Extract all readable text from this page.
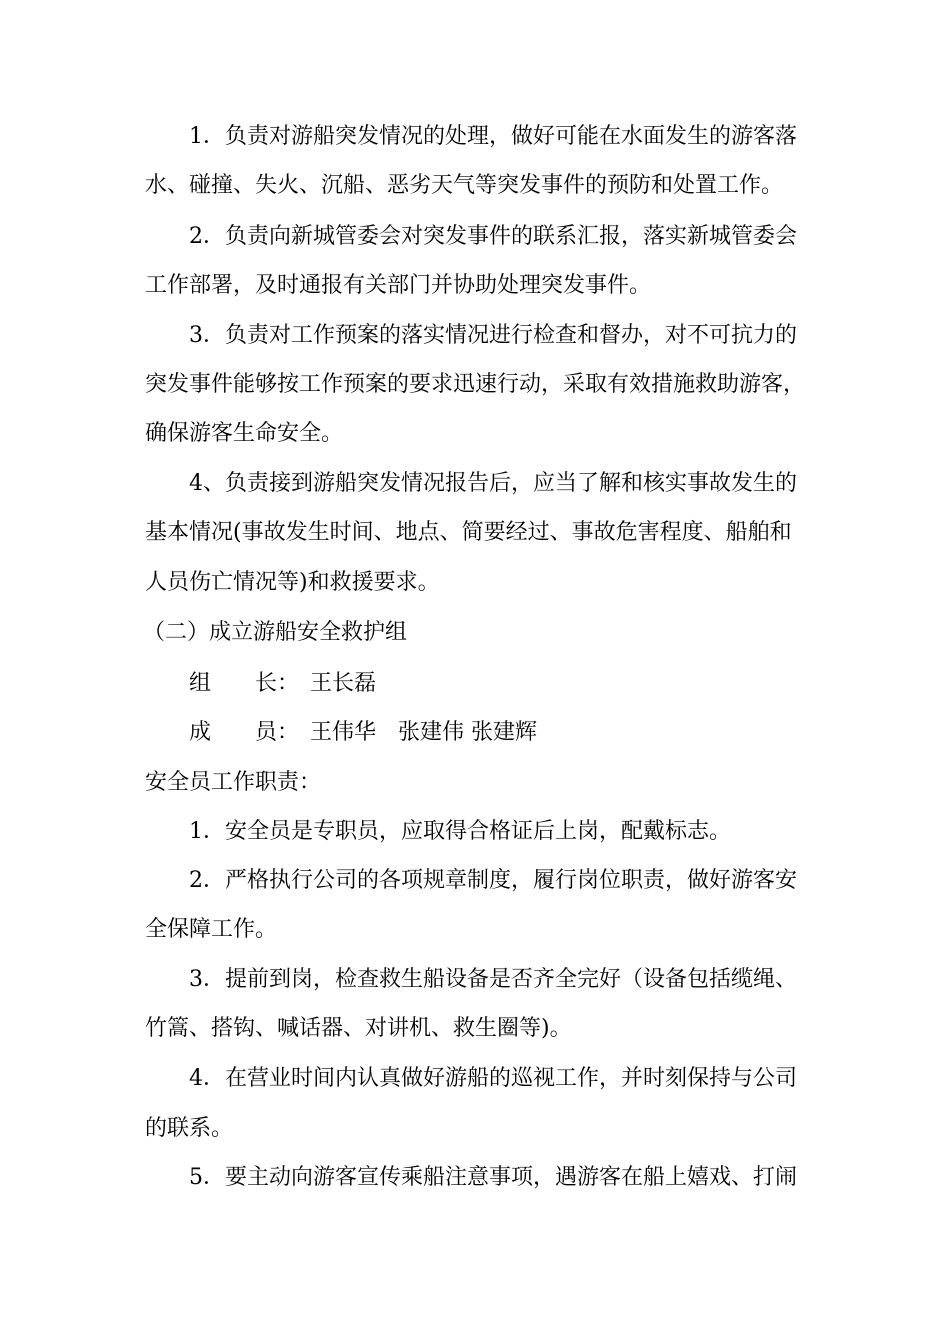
1．负责对游船突发情况的处理，做好可能在水面发生的游客落
水、碰撞、失火、沉船、恶劣天气等突发事件的预防和处置工作。
2．负责向新城管委会对突发事件的联系汇报，落实新城管委会
工作部署，及时通报有关部门并协助处理突发事件。
3．负责对工作预案的落实情况进行检查和督办，对不可抗力的
突发事件能够按工作预案的要求迅速行动，采取有效措施救助游客，
确保游客生命安全。
4、负责接到游船突发情况报告后，应当了解和核实事故发生的
基本情况(事故发生时间、地点、简要经过、事故危害程度、船舶和
人员伤亡情况等)和救援要求。
（二）成立游船安全救护组
组　　长：　王长磊
成　　员：　王伟华　张建伟 张建辉
安全员工作职责：
1．安全员是专职员，应取得合格证后上岗，配戴标志。
2．严格执行公司的各项规章制度，履行岗位职责，做好游客安
全保障工作。
3．提前到岗，检查救生船设备是否齐全完好（设备包括缆绳、
竹篙、搭钩、喊话器、对讲机、救生圈等)。
4．在营业时间内认真做好游船的巡视工作，并时刻保持与公司
的联系。
5．要主动向游客宣传乘船注意事项，遇游客在船上嬉戏、打闹
